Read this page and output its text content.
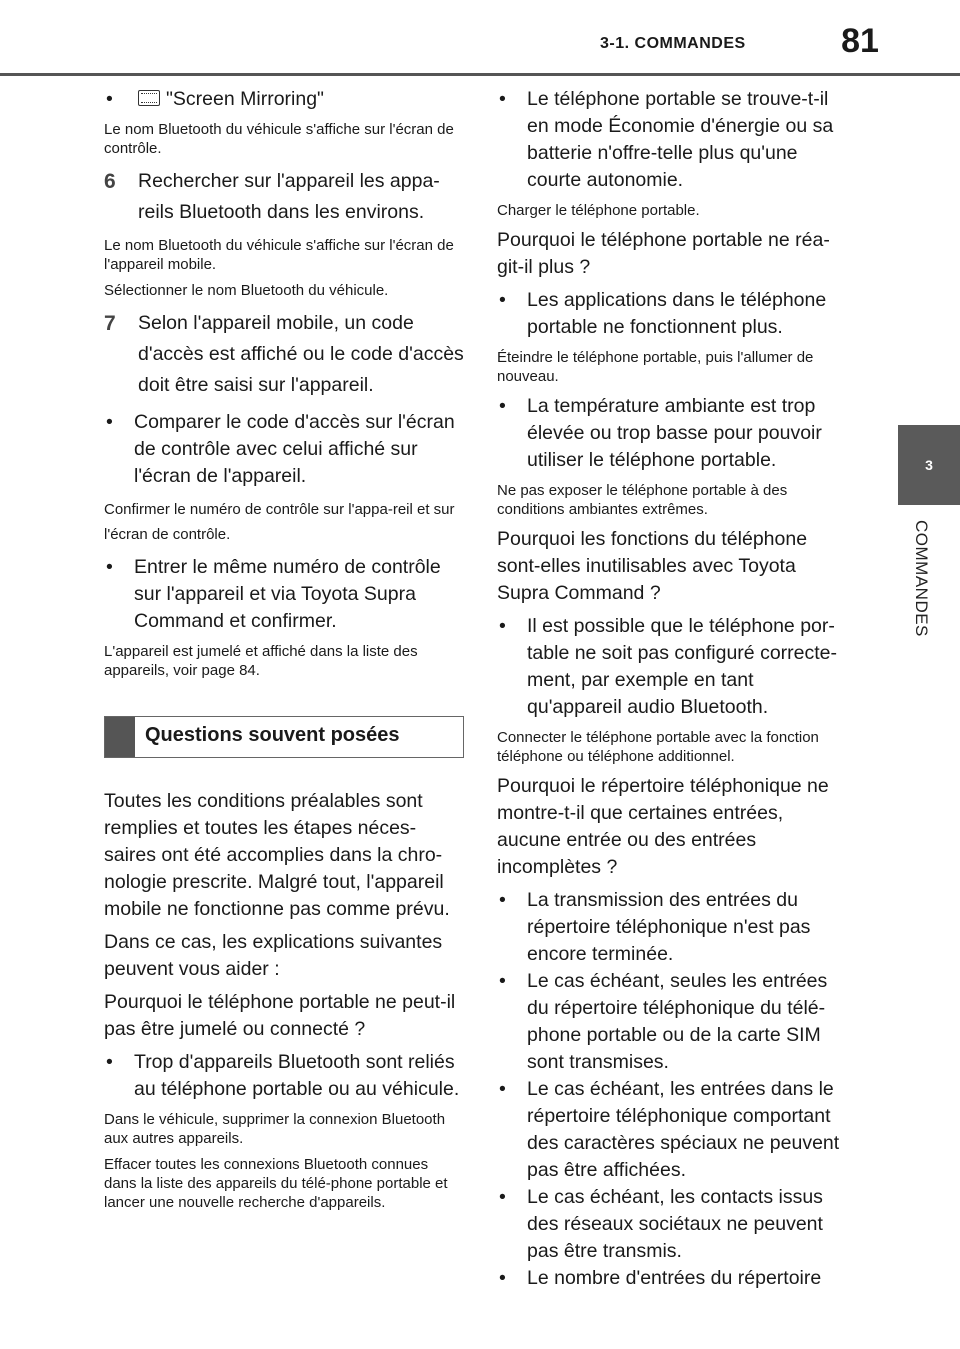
3-1. COMMANDES	81
3
COMMANDES
•	"Screen Mirroring"

Le nom Bluetooth du véhicule s'affiche sur l'écran de contrôle.

6	Rechercher sur l'appareil les appa-reils Bluetooth dans les environs.

Le nom Bluetooth du véhicule s'affiche sur l'écran de l'appareil mobile.

Sélectionner le nom Bluetooth du véhicule.

7	Selon l'appareil mobile, un code d'accès est affiché ou le code d'accès doit être saisi sur l'appareil.
•	Comparer le code d'accès sur l'écran de contrôle avec celui affiché sur l'écran de l'appareil.

Confirmer le numéro de contrôle sur l'appa-reil et sur l'écran de contrôle.

•	Entrer le même numéro de contrôle sur l'appareil et via Toyota Supra Command et confirmer.

L'appareil est jumelé et affiché dans la liste des appareils, voir page 84.

Questions souvent posées

Toutes les conditions préalables sont remplies et toutes les étapes néces-saires ont été accomplies dans la chro-nologie prescrite. Malgré tout, l'appareil mobile ne fonctionne pas comme prévu.

Dans ce cas, les explications suivantes peuvent vous aider :

Pourquoi le téléphone portable ne peut-il pas être jumelé ou connecté ?

•	Trop d'appareils Bluetooth sont reliés au téléphone portable ou au véhicule.

Dans le véhicule, supprimer la connexion Bluetooth aux autres appareils.

Effacer toutes les connexions Bluetooth connues dans la liste des appareils du télé-phone portable et lancer une nouvelle recherche d'appareils.

•	Le téléphone portable se trouve-t-il en mode Économie d'énergie ou sa batterie n'offre-telle plus qu'une courte autonomie.

Charger le téléphone portable.

Pourquoi le téléphone portable ne réa-git-il plus ?

•	Les applications dans le téléphone portable ne fonctionnent plus.

Éteindre le téléphone portable, puis l'allumer de nouveau.

•	La température ambiante est trop élevée ou trop basse pour pouvoir utiliser le téléphone portable.

Ne pas exposer le téléphone portable à des conditions ambiantes extrêmes.

Pourquoi les fonctions du téléphone sont-elles inutilisables avec Toyota Supra Command ?

•	Il est possible que le téléphone por-table ne soit pas configuré correcte-ment, par exemple en tant qu'appareil audio Bluetooth.

Connecter le téléphone portable avec la fonction téléphone ou téléphone additionnel.

Pourquoi le répertoire téléphonique ne montre-t-il que certaines entrées, aucune entrée ou des entrées incomplètes ?

•	La transmission des entrées du répertoire téléphonique n'est pas encore terminée.
•	Le cas échéant, seules les entrées du répertoire téléphonique du télé-phone portable ou de la carte SIM sont transmises.
•	Le cas échéant, les entrées dans le répertoire téléphonique comportant des caractères spéciaux ne peuvent pas être affichées.
•	Le cas échéant, les contacts issus des réseaux sociétaux ne peuvent pas être transmis.
•	Le nombre d'entrées du répertoire
